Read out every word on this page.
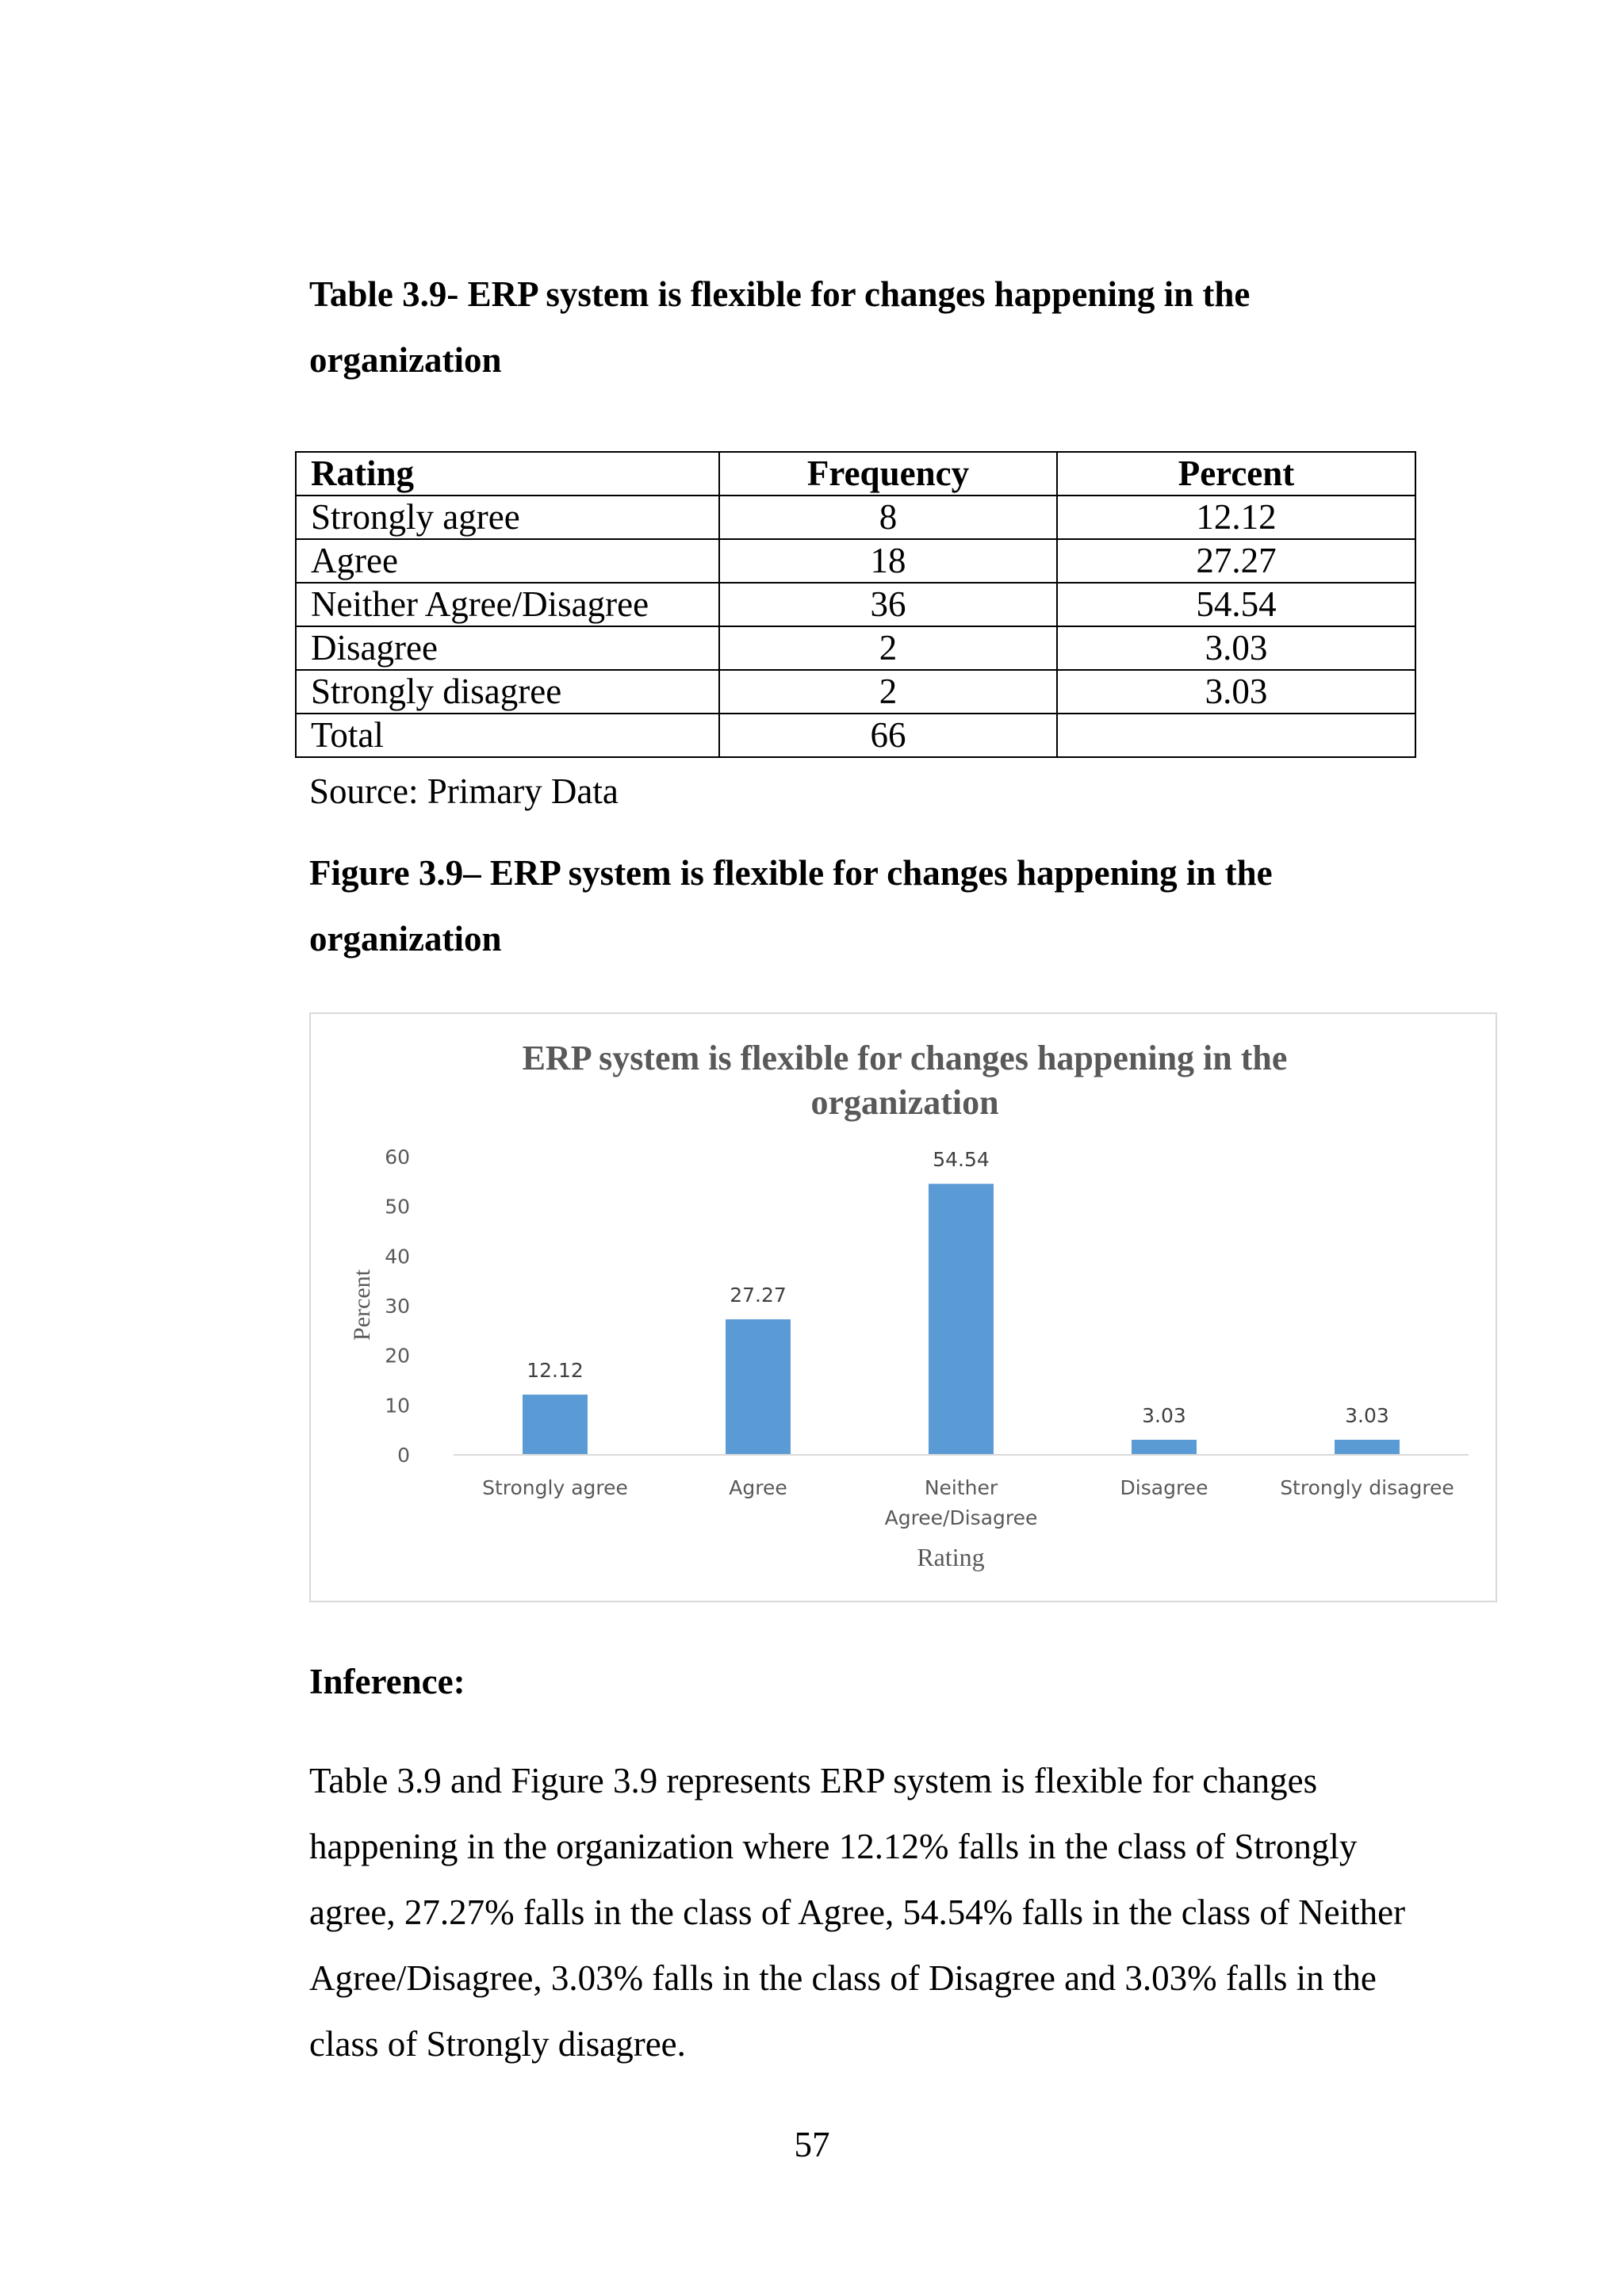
Table 3.9- ERP system is flexible for changes happening in the organization
Rating	Frequency	Percent
Strongly agree	8	12.12
Agree	18	27.27
Neither Agree/Disagree	36	54.54
Disagree	2	3.03
Strongly disagree	2	3.03
Total	66	
Source: Primary Data
Figure 3.9– ERP system is flexible for changes happening in the organization
ERP system is flexible for changes happening in the
organization
Percent
Rating
0
10
20
30
40
50
60
12.12
Strongly agree
27.27
Agree
54.54
Neither
Agree/Disagree
3.03
Disagree
3.03
Strongly disagree
Inference:
Table 3.9 and Figure 3.9 represents ERP system is flexible for changes happening in the organization where 12.12% falls in the class of Strongly agree, 27.27% falls in the class of Agree, 54.54% falls in the class of Neither Agree/Disagree, 3.03% falls in the class of Disagree and 3.03% falls in the class of Strongly disagree.
57
